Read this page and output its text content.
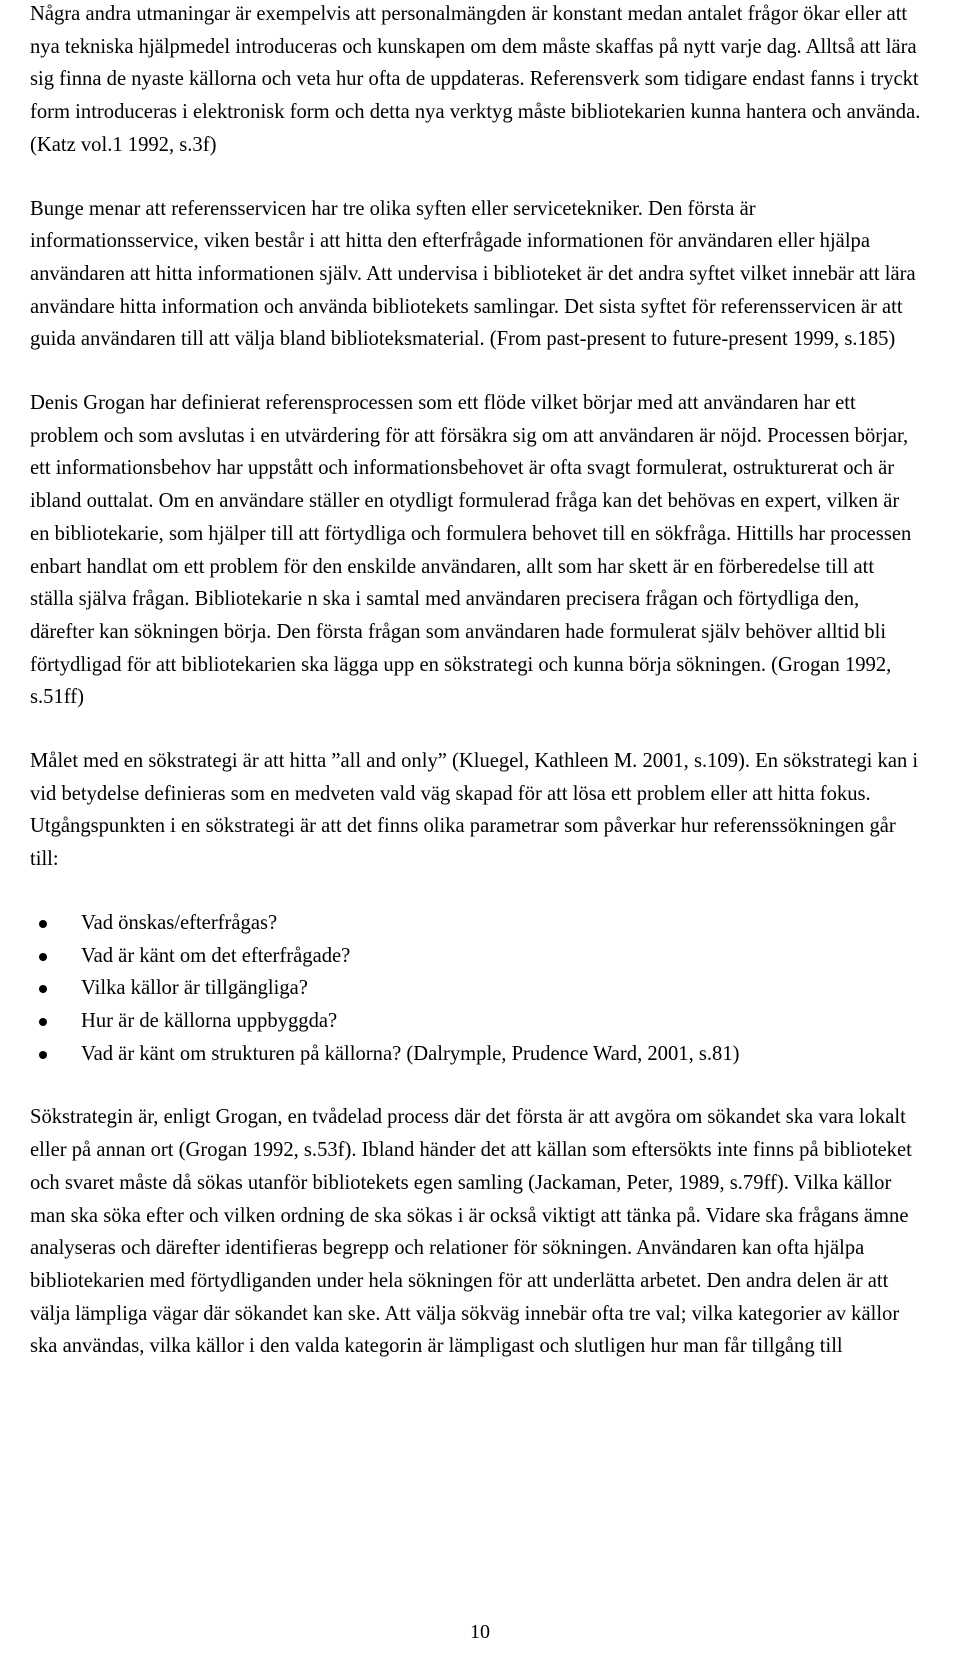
Några andra utmaningar är exempelvis att personalmängden är konstant medan antalet frågor ökar eller att nya tekniska hjälpmedel introduceras och kunskapen om dem måste skaffas på nytt varje dag. Alltså att lära sig finna de nyaste källorna och veta hur ofta de uppdateras. Referensverk som tidigare endast fanns i tryckt form introduceras i elektronisk form och detta nya verktyg måste bibliotekarien kunna hantera och använda. (Katz vol.1 1992, s.3f)

Bunge menar att referensservicen har tre olika syften eller servicetekniker. Den första är informationsservice, viken består i att hitta den efterfrågade informationen för användaren eller hjälpa användaren att hitta informationen själv. Att undervisa i biblioteket är det andra syftet vilket innebär att lära användare hitta information och använda bibliotekets samlingar. Det sista syftet för referensservicen är att guida användaren till att välja bland biblioteksmaterial. (From past-present to future-present 1999, s.185)

Denis Grogan har definierat referensprocessen som ett flöde vilket börjar med att användaren har ett problem och som avslutas i en utvärdering för att försäkra sig om att användaren är nöjd. Processen börjar, ett informationsbehov har uppstått och informationsbehovet är ofta svagt formulerat, ostrukturerat och är ibland outtalat. Om en användare ställer en otydligt formulerad fråga kan det behövas en expert, vilken är en bibliotekarie, som hjälper till att förtydliga och formulera behovet till en sökfråga. Hittills har processen enbart handlat om ett problem för den enskilde användaren, allt som har skett är en förberedelse till att ställa själva frågan. Bibliotekarie n ska i samtal med användaren precisera frågan och förtydliga den, därefter kan sökningen börja. Den första frågan som användaren hade formulerat själv behöver alltid bli förtydligad för att bibliotekarien ska lägga upp en sökstrategi och kunna börja sökningen. (Grogan 1992, s.51ff)

Målet med en sökstrategi är att hitta ”all and only” (Kluegel, Kathleen M. 2001, s.109). En sökstrategi kan i vid betydelse definieras som en medveten vald väg skapad för att lösa ett problem eller att hitta fokus. Utgångspunkten i en sökstrategi är att det finns olika parametrar som påverkar hur referenssökningen går till:

Vad önskas/efterfrågas?
Vad är känt om det efterfrågade?
Vilka källor är tillgängliga?
Hur är de källorna uppbyggda?
Vad är känt om strukturen på källorna? (Dalrymple, Prudence Ward, 2001, s.81)

Sökstrategin är, enligt Grogan, en tvådelad process där det första är att avgöra om sökandet ska vara lokalt eller på annan ort (Grogan 1992, s.53f). Ibland händer det att källan som eftersökts inte finns på biblioteket och svaret måste då sökas utanför bibliotekets egen samling (Jackaman, Peter, 1989, s.79ff). Vilka källor man ska söka efter och vilken ordning de ska sökas i är också viktigt att tänka på. Vidare ska frågans ämne analyseras och därefter identifieras begrepp och relationer för sökningen. Användaren kan ofta hjälpa bibliotekarien med förtydliganden under hela sökningen för att underlätta arbetet. Den andra delen är att välja lämpliga vägar där sökandet kan ske. Att välja sökväg innebär ofta tre val; vilka kategorier av källor ska användas, vilka källor i den valda kategorin är lämpligast och slutligen hur man får tillgång till

10
